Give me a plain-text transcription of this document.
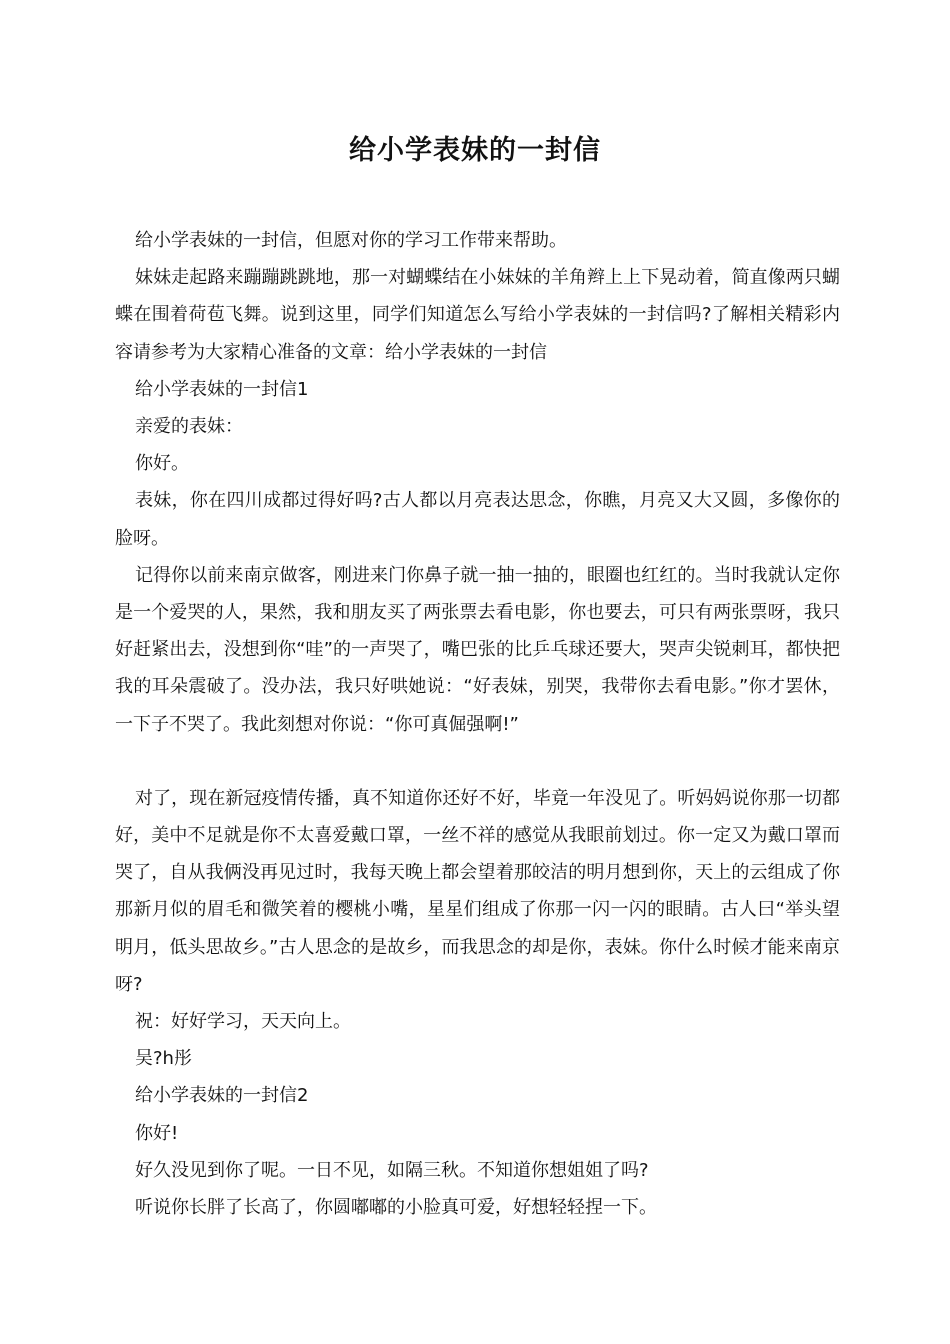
给小学表妹的一封信

给小学表妹的一封信，但愿对你的学习工作带来帮助。

妹妹走起路来蹦蹦跳跳地，那一对蝴蝶结在小妹妹的羊角辫上上下晃动着，简直像两只蝴蝶在围着荷苞飞舞。说到这里，同学们知道怎么写给小学表妹的一封信吗?了解相关精彩内容请参考为大家精心准备的文章：给小学表妹的一封信

给小学表妹的一封信1

亲爱的表妹：

你好。

表妹，你在四川成都过得好吗?古人都以月亮表达思念，你瞧，月亮又大又圆，多像你的脸呀。

记得你以前来南京做客，刚进来门你鼻子就一抽一抽的，眼圈也红红的。当时我就认定你是一个爱哭的人，果然，我和朋友买了两张票去看电影，你也要去，可只有两张票呀，我只好赶紧出去，没想到你“哇”的一声哭了，嘴巴张的比乒乓球还要大，哭声尖锐刺耳，都快把我的耳朵震破了。没办法，我只好哄她说：“好表妹，别哭，我带你去看电影。”你才罢休，一下子不哭了。我此刻想对你说：“你可真倔强啊!”

对了，现在新冠疫情传播，真不知道你还好不好，毕竟一年没见了。听妈妈说你那一切都好，美中不足就是你不太喜爱戴口罩，一丝不祥的感觉从我眼前划过。你一定又为戴口罩而哭了，自从我俩没再见过时，我每天晚上都会望着那皎洁的明月想到你，天上的云组成了你那新月似的眉毛和微笑着的樱桃小嘴，星星们组成了你那一闪一闪的眼睛。古人曰“举头望明月，低头思故乡。”古人思念的是故乡，而我思念的却是你，表妹。你什么时候才能来南京呀?

祝：好好学习，天天向上。

吴?h彤

给小学表妹的一封信2

你好!

好久没见到你了呢。一日不见，如隔三秋。不知道你想姐姐了吗?

听说你长胖了长高了，你圆嘟嘟的小脸真可爱，好想轻轻捏一下。
